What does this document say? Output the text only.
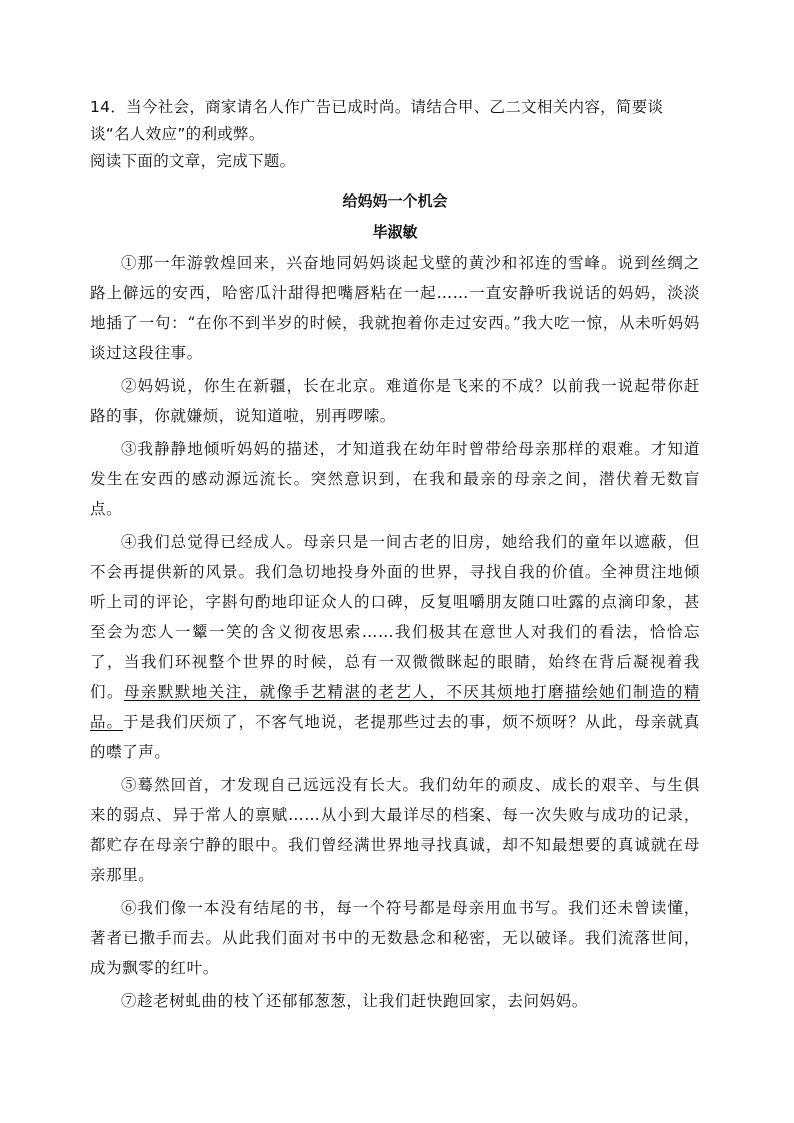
14．当今社会，商家请名人作广告已成时尚。请结合甲、乙二文相关内容，简要谈谈“名人效应”的利或弊。

阅读下面的文章，完成下题。

给妈妈一个机会
毕淑敏

①那一年游敦煌回来，兴奋地同妈妈谈起戈壁的黄沙和祁连的雪峰。说到丝绸之路上僻远的安西，哈密瓜汁甜得把嘴唇粘在一起……一直安静听我说话的妈妈，淡淡地插了一句：“在你不到半岁的时候，我就抱着你走过安西。”我大吃一惊，从未听妈妈谈过这段往事。

②妈妈说，你生在新疆，长在北京。难道你是飞来的不成？以前我一说起带你赶路的事，你就嫌烦，说知道啦，别再啰嗦。

③我静静地倾听妈妈的描述，才知道我在幼年时曾带给母亲那样的艰难。才知道发生在安西的感动源远流长。突然意识到，在我和最亲的母亲之间，潜伏着无数盲点。

④我们总觉得已经成人。母亲只是一间古老的旧房，她给我们的童年以遮蔽，但不会再提供新的风景。我们急切地投身外面的世界，寻找自我的价值。全神贯注地倾听上司的评论，字斟句酌地印证众人的口碑，反复咀嚼朋友随口吐露的点滴印象，甚至会为恋人一颦一笑的含义彻夜思索……我们极其在意世人对我们的看法，恰恰忘了，当我们环视整个世界的时候，总有一双微微眯起的眼睛，始终在背后凝视着我们。母亲默默地关注，就像手艺精湛的老艺人，不厌其烦地打磨描绘她们制造的精品。于是我们厌烦了，不客气地说，老提那些过去的事，烦不烦呀？从此，母亲就真的噤了声。

⑤蓦然回首，才发现自己远远没有长大。我们幼年的顽皮、成长的艰辛、与生俱来的弱点、异于常人的禀赋……从小到大最详尽的档案、每一次失败与成功的记录，都贮存在母亲宁静的眼中。我们曾经满世界地寻找真诚，却不知最想要的真诚就在母亲那里。

⑥我们像一本没有结尾的书，每一个符号都是母亲用血书写。我们还未曾读懂，著者已撒手而去。从此我们面对书中的无数悬念和秘密，无以破译。我们流落世间，成为飘零的红叶。

⑦趁老树虬曲的枝丫还郁郁葱葱，让我们赶快跑回家，去问妈妈。
